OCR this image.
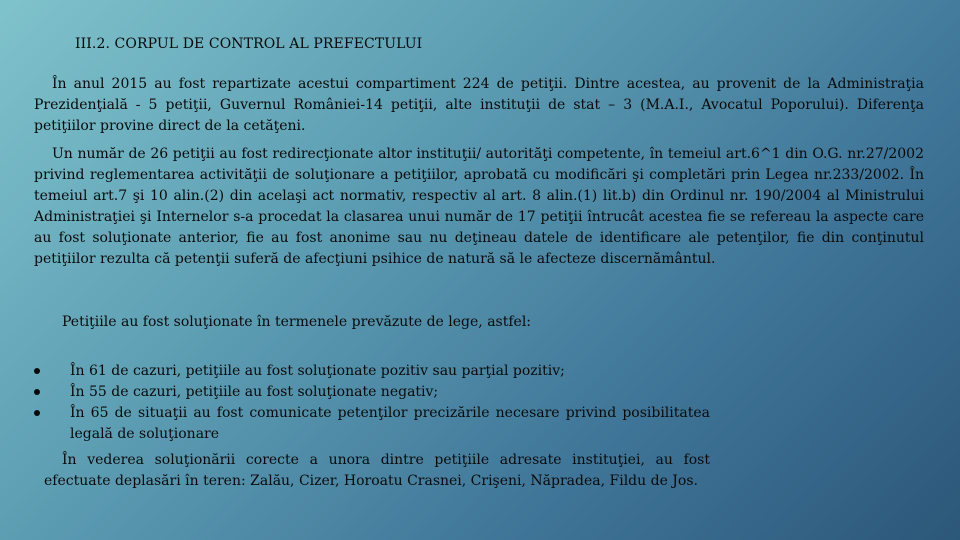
III.2. CORPUL DE CONTROL AL PREFECTULUI

În anul 2015 au fost repartizate acestui compartiment 224 de petiţii. Dintre acestea, au provenit de la Administraţia Prezidenţială - 5 petiţii, Guvernul României-14 petiţii, alte instituţii de stat – 3 (M.A.I., Avocatul Poporului). Diferenţa petiţiilor provine direct de la cetăţeni.

Un număr de 26 petiţii au fost redirecţionate altor instituţii/ autorităţi competente, în temeiul art.6^1 din O.G. nr.27/2002 privind reglementarea activităţii de soluţionare a petiţiilor, aprobată cu modificări şi completări prin Legea nr.233/2002. În temeiul art.7 şi 10 alin.(2) din acelaşi act normativ, respectiv al art. 8 alin.(1) lit.b) din Ordinul nr. 190/2004 al Ministrului Administraţiei şi Internelor s-a procedat la clasarea unui număr de 17 petiţii întrucât acestea fie se refereau la aspecte care au fost soluţionate anterior, fie au fost anonime sau nu deţineau datele de identificare ale petenţilor, fie din conţinutul petiţiilor rezulta că petenţii suferă de afecţiuni psihice de natură să le afecteze discernământul.

Petiţiile au fost soluţionate în termenele prevăzute de lege, astfel:

În 61 de cazuri, petiţiile au fost soluţionate pozitiv sau parţial pozitiv;
În 55 de cazuri, petiţiile au fost soluţionate negativ;
În 65 de situaţii au fost comunicate petenţilor precizările necesare privind posibilitatea legală de soluţionare

În vederea soluţionării corecte a unora dintre petiţiile adresate instituţiei, au fost efectuate deplasări în teren: Zalău, Cizer, Horoatu Crasnei, Crişeni, Năpradea, Fildu de Jos.
